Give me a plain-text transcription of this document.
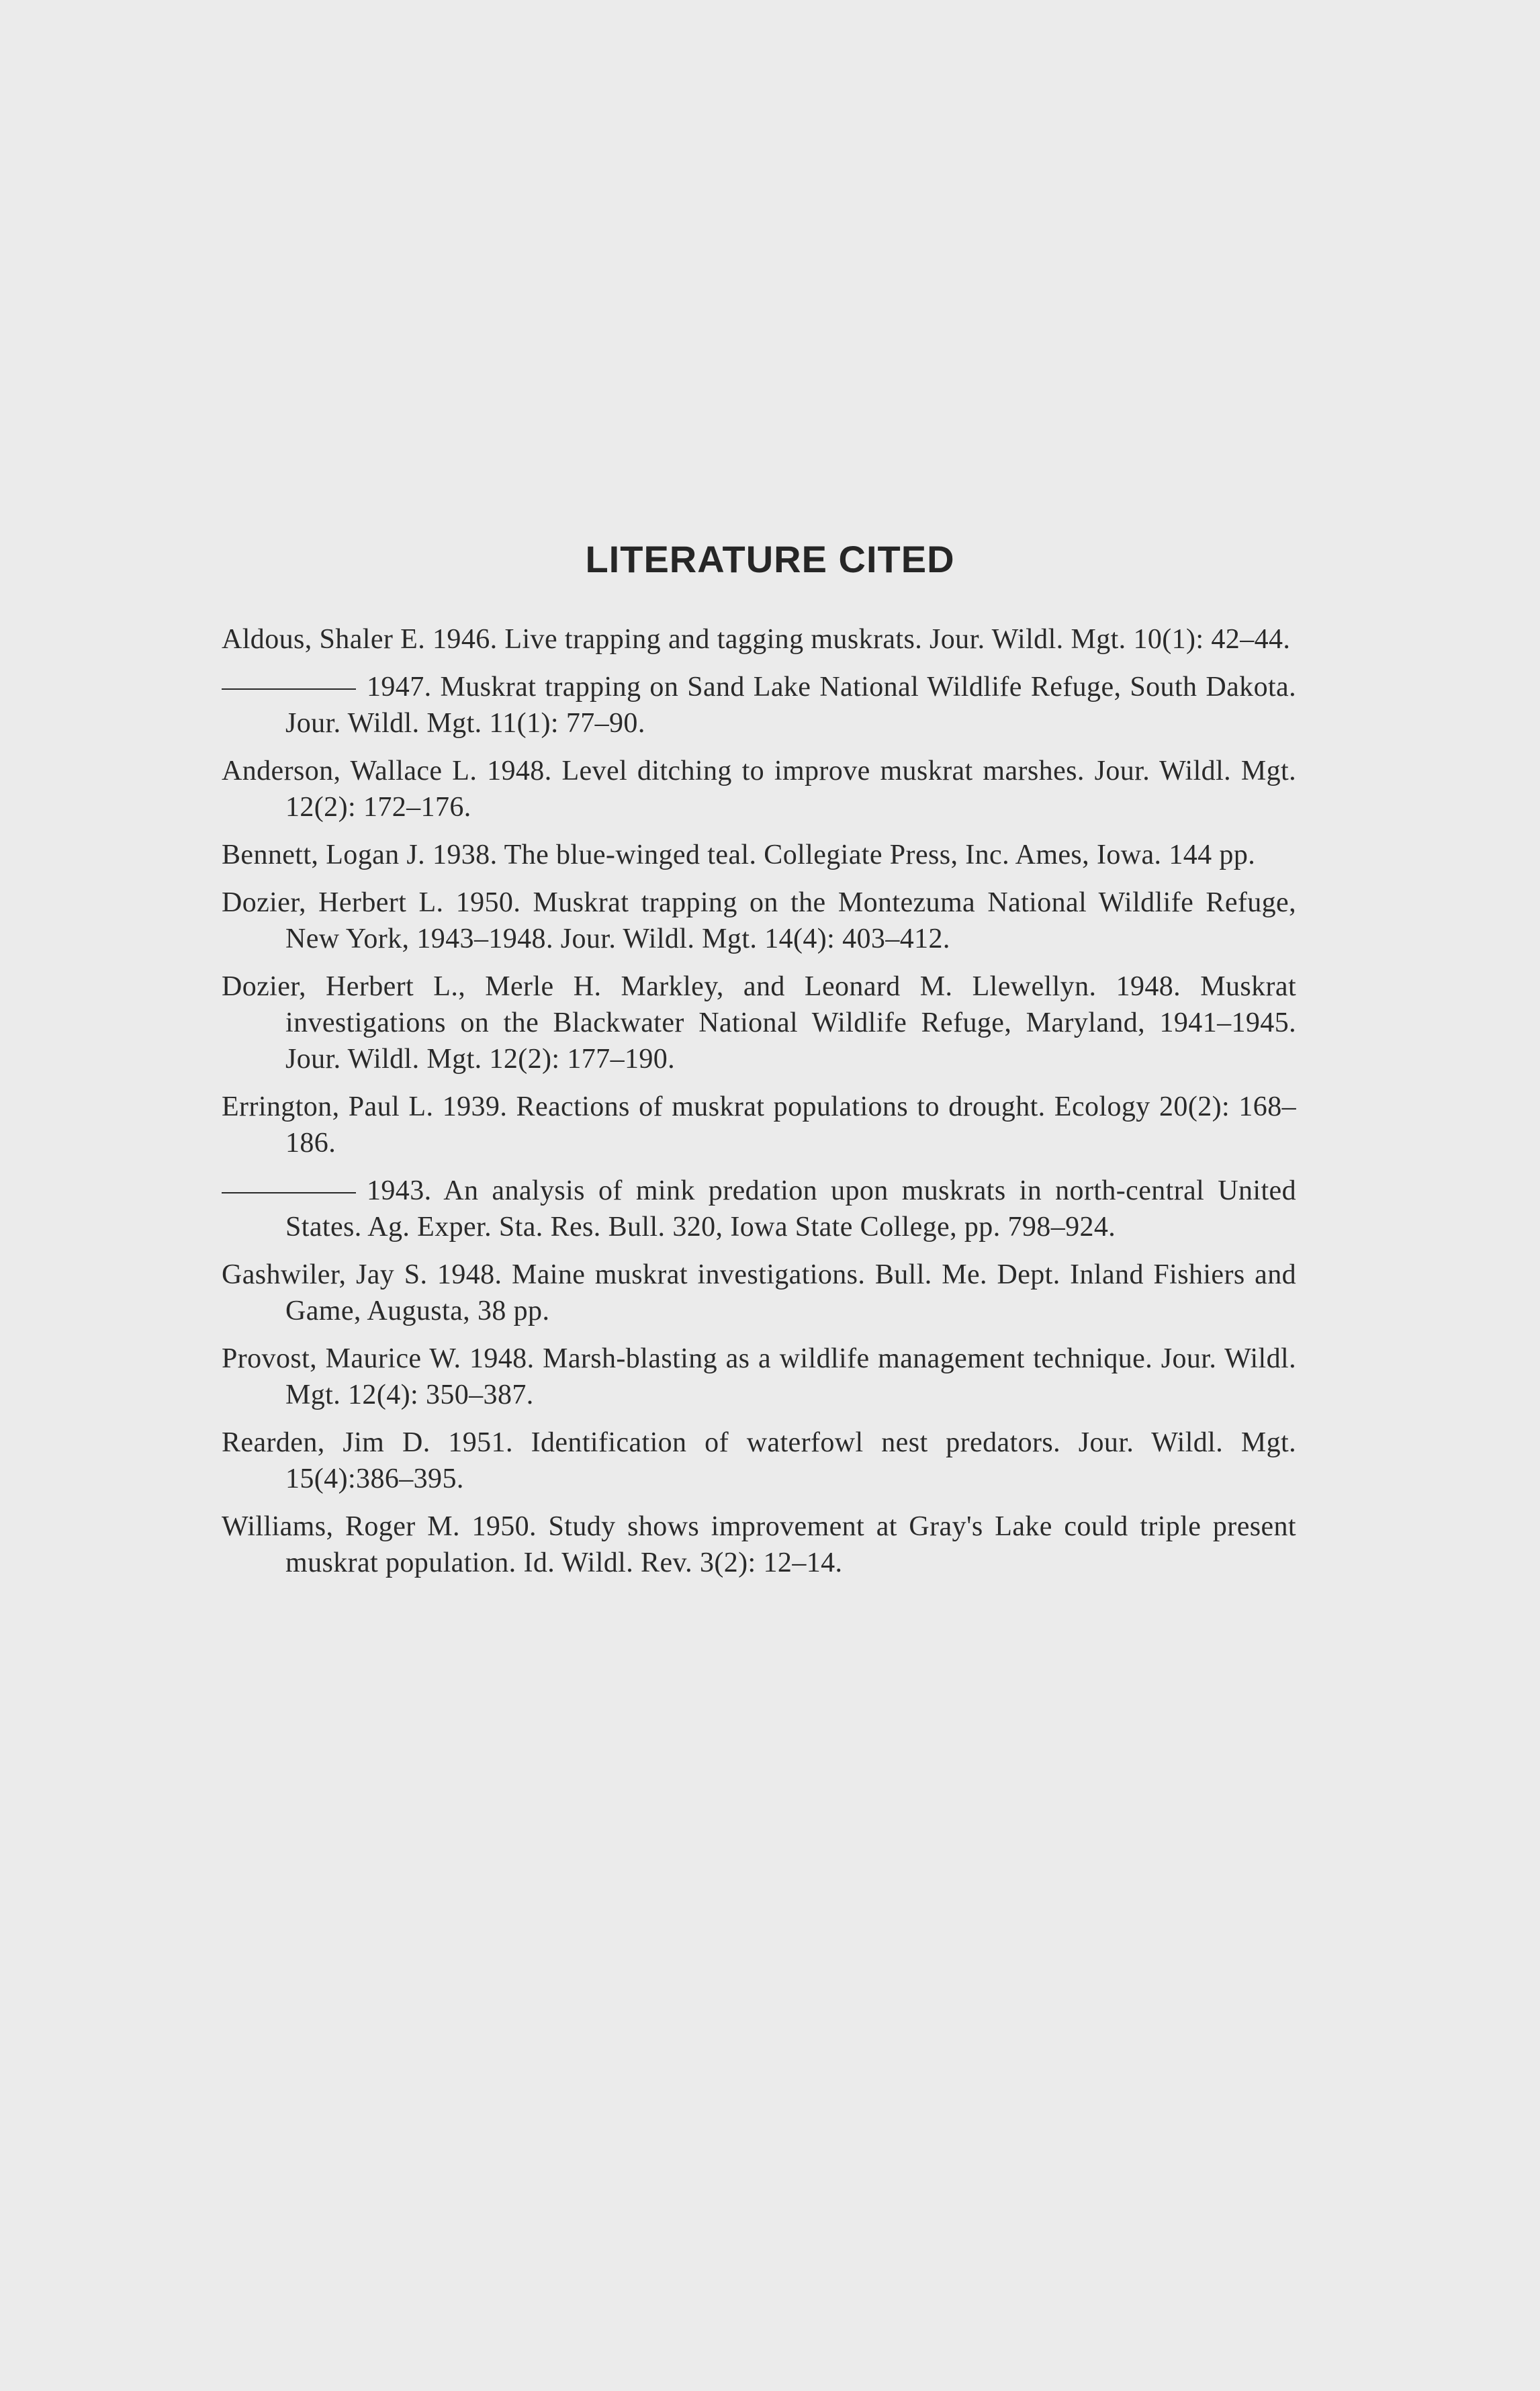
LITERATURE CITED
Aldous, Shaler E. 1946. Live trapping and tagging muskrats. Jour. Wildl. Mgt. 10(1): 42–44.
1947. Muskrat trapping on Sand Lake National Wildlife Refuge, South Dakota. Jour. Wildl. Mgt. 11(1): 77–90.
Anderson, Wallace L. 1948. Level ditching to improve muskrat marshes. Jour. Wildl. Mgt. 12(2): 172–176.
Bennett, Logan J. 1938. The blue-winged teal. Collegiate Press, Inc. Ames, Iowa. 144 pp.
Dozier, Herbert L. 1950. Muskrat trapping on the Montezuma National Wildlife Refuge, New York, 1943–1948. Jour. Wildl. Mgt. 14(4): 403–412.
Dozier, Herbert L., Merle H. Markley, and Leonard M. Llewellyn. 1948. Muskrat investigations on the Blackwater National Wildlife Refuge, Maryland, 1941–1945. Jour. Wildl. Mgt. 12(2): 177–190.
Errington, Paul L. 1939. Reactions of muskrat populations to drought. Ecology 20(2): 168–186.
1943. An analysis of mink predation upon muskrats in north-central United States. Ag. Exper. Sta. Res. Bull. 320, Iowa State College, pp. 798–924.
Gashwiler, Jay S. 1948. Maine muskrat investigations. Bull. Me. Dept. Inland Fishiers and Game, Augusta, 38 pp.
Provost, Maurice W. 1948. Marsh-blasting as a wildlife management technique. Jour. Wildl. Mgt. 12(4): 350–387.
Rearden, Jim D. 1951. Identification of waterfowl nest predators. Jour. Wildl. Mgt. 15(4):386–395.
Williams, Roger M. 1950. Study shows improvement at Gray's Lake could triple present muskrat population. Id. Wildl. Rev. 3(2): 12–14.
